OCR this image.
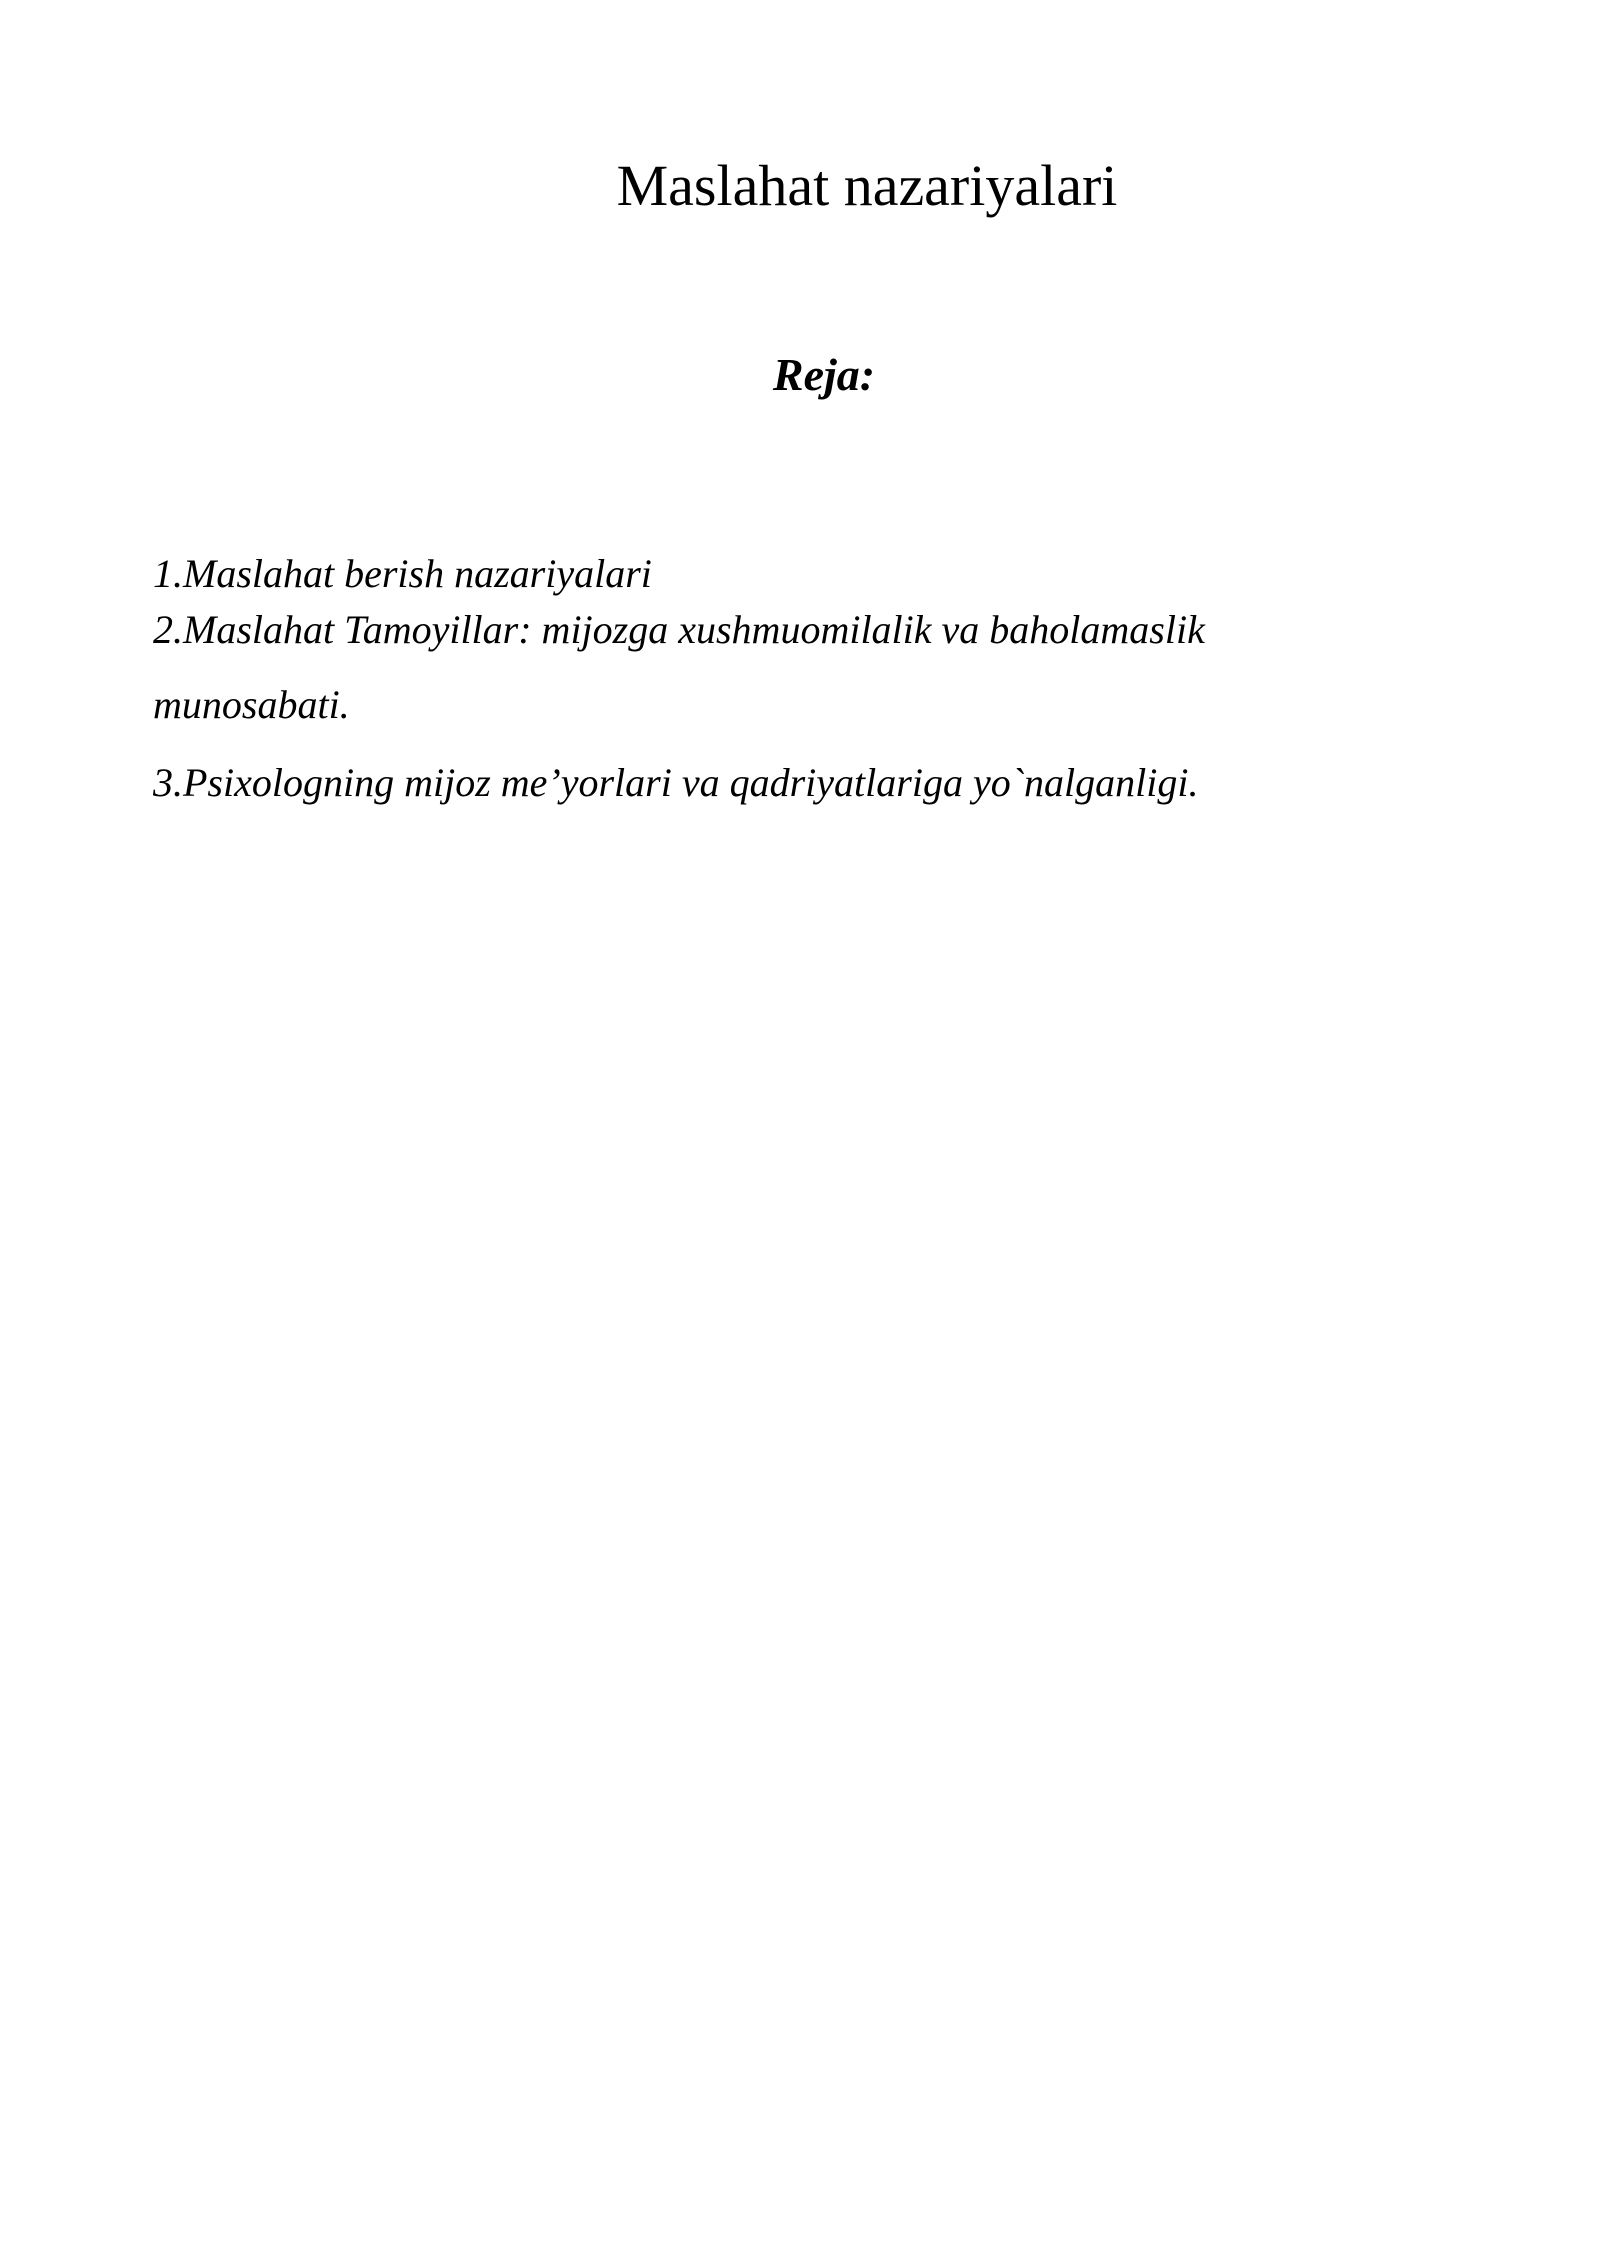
Maslahat nazariyalari
Reja:
1.Maslahat berish nazariyalari
2.Maslahat Tamoyillar: mijozga xushmuomilalik va baholamaslik
munosabati.
3.Psixologning mijoz me’yorlari va qadriyatlariga yo`nalganligi.
